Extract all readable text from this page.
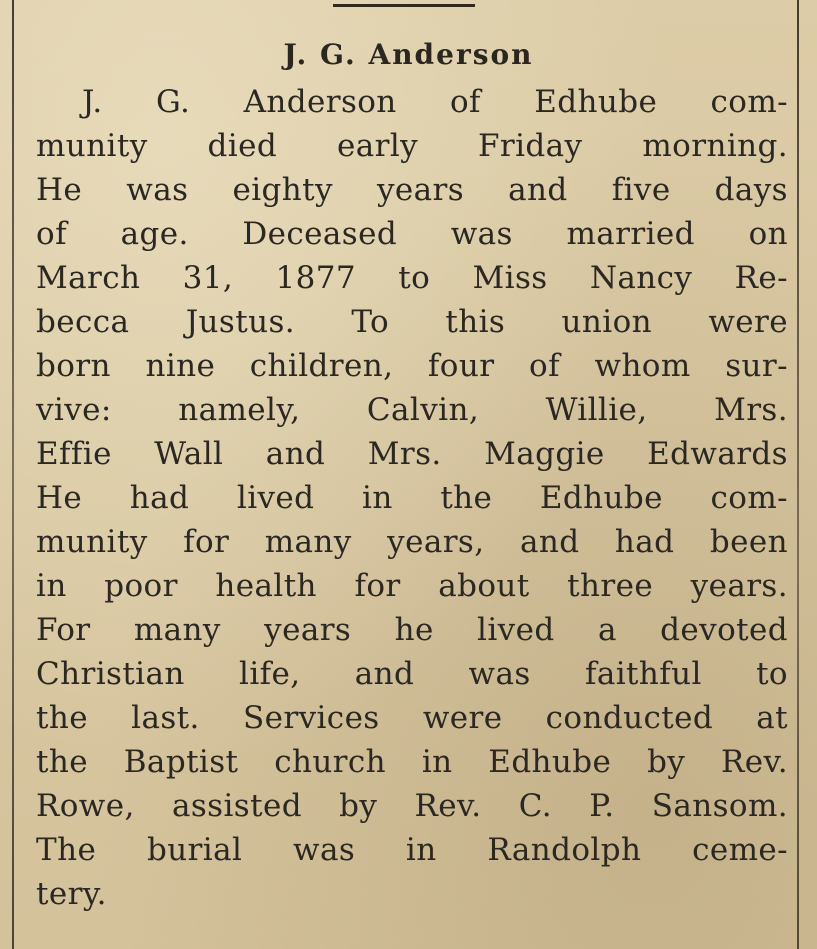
J. G. Anderson
J. G. Anderson of Edhube com-
munity died early Friday morning.
He was eighty years and five days
of age. Deceased was married on
March 31, 1877 to Miss Nancy Re-
becca Justus. To this union were
born nine children, four of whom sur-
vive: namely, Calvin, Willie, Mrs.
Effie Wall and Mrs. Maggie Edwards
He had lived in the Edhube com-
munity for many years, and had been
in poor health for about three years.
For many years he lived a devoted
Christian life, and was faithful to
the last. Services were conducted at
the Baptist church in Edhube by Rev.
Rowe, assisted by Rev. C. P. Sansom.
The burial was in Randolph ceme-
tery.
